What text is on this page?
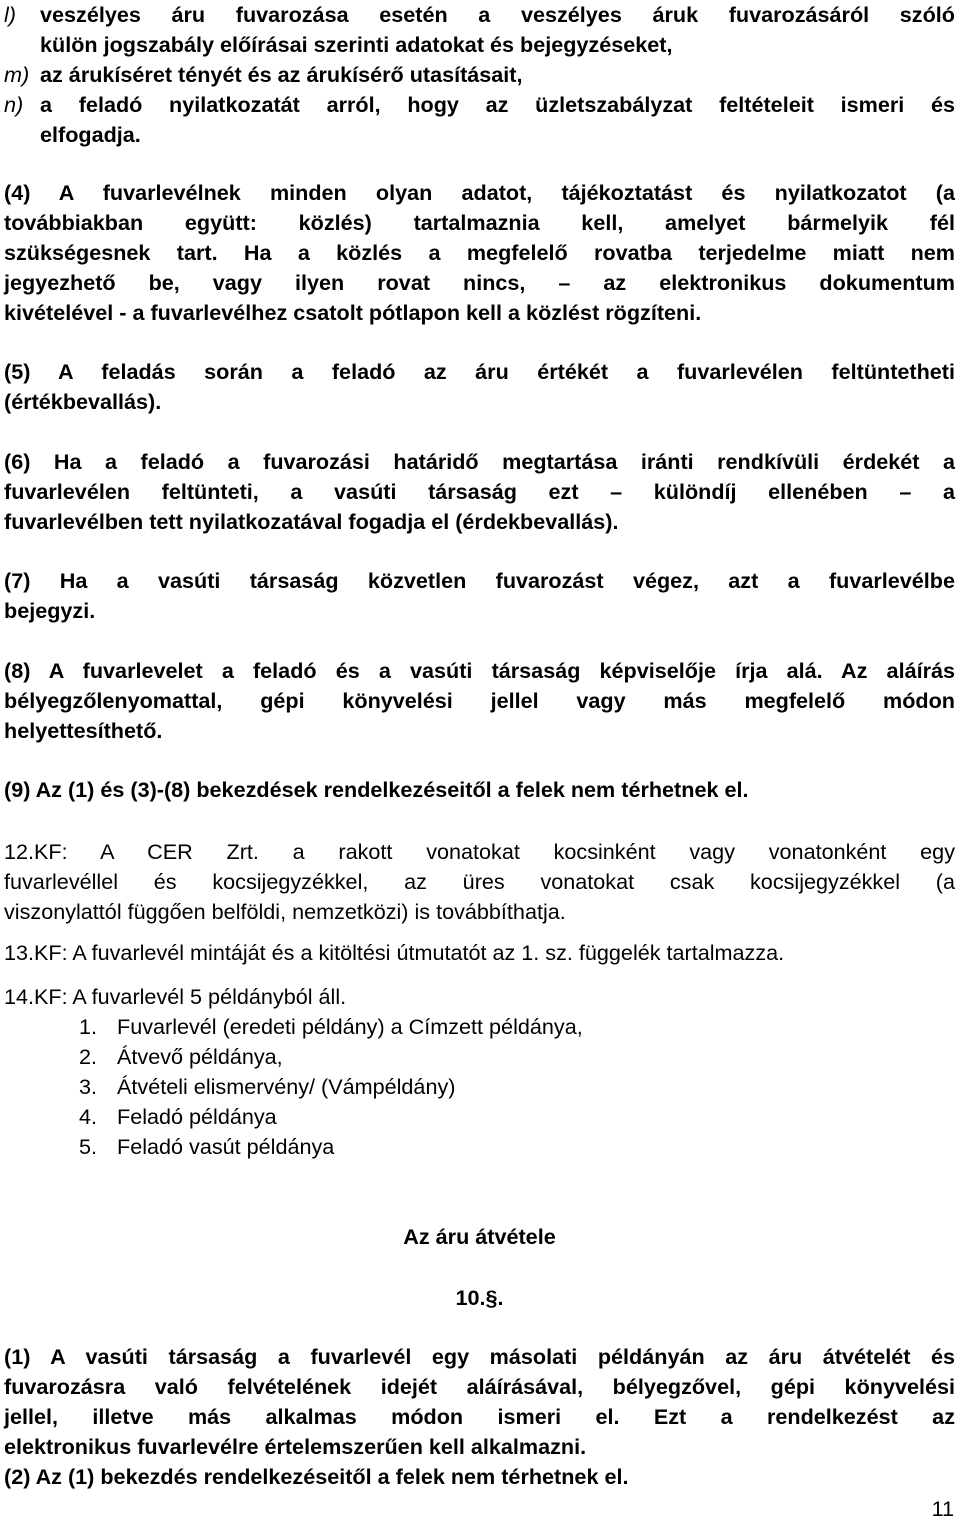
l) veszélyes áru fuvarozása esetén a veszélyes áruk fuvarozásáról szóló
külön jogszabály előírásai szerinti adatokat és bejegyzéseket,
m) az árukíséret tényét és az árukísérő utasításait,
n) a feladó nyilatkozatát arról, hogy az üzletszabályzat feltételeit ismeri és
elfogadja.
(4) A fuvarlevélnek minden olyan adatot, tájékoztatást és nyilatkozatot (a
továbbiakban együtt: közlés) tartalmaznia kell, amelyet bármelyik fél
szükségesnek tart. Ha a közlés a megfelelő rovatba terjedelme miatt nem
jegyezhető be, vagy ilyen rovat nincs, – az elektronikus dokumentum
kivételével - a fuvarlevélhez csatolt pótlapon kell a közlést rögzíteni.
(5) A feladás során a feladó az áru értékét a fuvarlevélen feltüntetheti
(értékbevallás).
(6) Ha a feladó a fuvarozási határidő megtartása iránti rendkívüli érdekét a
fuvarlevélen feltünteti, a vasúti társaság ezt – különdíj ellenében – a
fuvarlevélben tett nyilatkozatával fogadja el (érdekbevallás).
(7) Ha a vasúti társaság közvetlen fuvarozást végez, azt a fuvarlevélbe
bejegyzi.
(8) A fuvarlevelet a feladó és a vasúti társaság képviselője írja alá. Az aláírás
bélyegzőlenyomattal, gépi könyvelési jellel vagy más megfelelő módon
helyettesíthető.
(9) Az (1) és (3)-(8) bekezdések rendelkezéseitől a felek nem térhetnek el.
12.KF: A CER Zrt. a rakott vonatokat kocsinként vagy vonatonként egy
fuvarlevéllel és kocsijegyzékkel, az üres vonatokat csak kocsijegyzékkel (a
viszonylattól függően belföldi, nemzetközi) is továbbíthatja.
13.KF: A fuvarlevél mintáját és a kitöltési útmutatót az 1. sz. függelék tartalmazza.
14.KF: A fuvarlevél 5 példányból áll.
1. Fuvarlevél (eredeti példány) a Címzett példánya,
2. Átvevő példánya,
3. Átvételi elismervény/ (Vámpéldány)
4. Feladó példánya
5. Feladó vasút példánya
Az áru átvétele
10.§.
(1) A vasúti társaság a fuvarlevél egy másolati példányán az áru átvételét és
fuvarozásra való felvételének idejét aláírásával, bélyegzővel, gépi könyvelési
jellel, illetve más alkalmas módon ismeri el. Ezt a rendelkezést az
elektronikus fuvarlevélre értelemszerűen kell alkalmazni.
(2) Az (1) bekezdés rendelkezéseitől a felek nem térhetnek el.
11
